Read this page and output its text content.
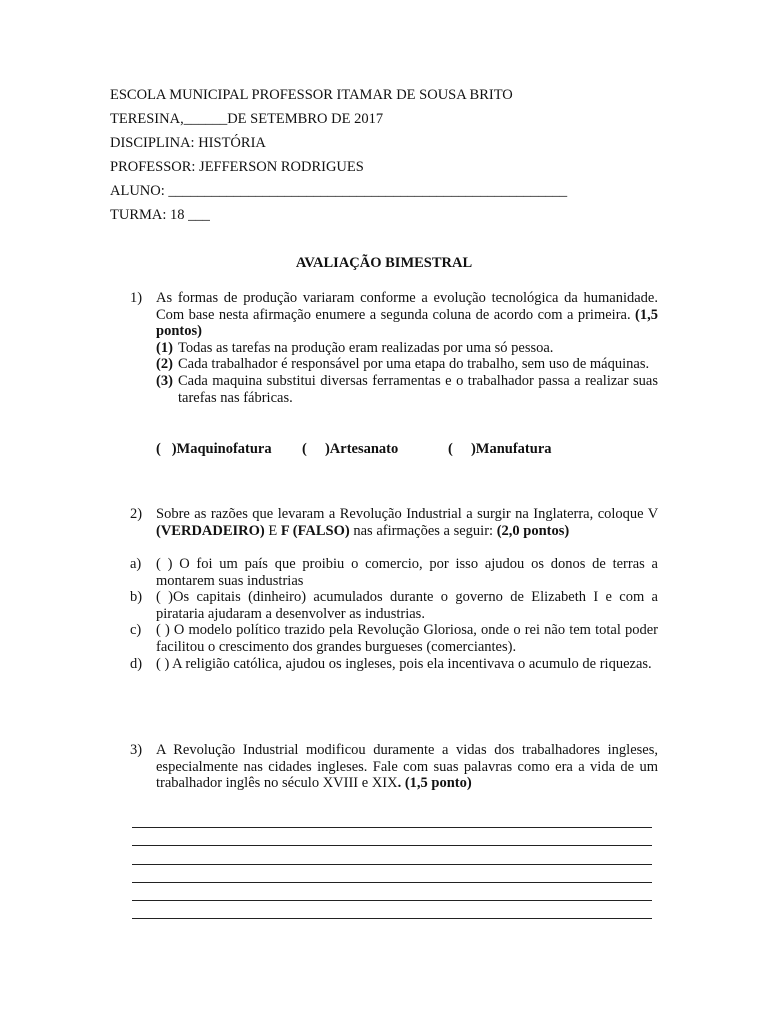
ESCOLA MUNICIPAL PROFESSOR ITAMAR DE SOUSA BRITO
TERESINA,______DE SETEMBRO DE 2017
DISCIPLINA: HISTÓRIA
PROFESSOR: JEFFERSON RODRIGUES
ALUNO: _______________________________________________________
TURMA: 18 ___
AVALIAÇÃO BIMESTRAL
1) As formas de produção variaram conforme a evolução tecnológica da humanidade. Com base nesta afirmação enumere a segunda coluna de acordo com a primeira. (1,5 pontos)
(1) Todas as tarefas na produção eram realizadas por uma só pessoa.
(2) Cada trabalhador é responsável por uma etapa do trabalho, sem uso de máquinas.
(3) Cada maquina substitui diversas ferramentas e o trabalhador passa a realizar suas tarefas nas fábricas.

(   )Maquinofatura

(     )Artesanato

	(     )Manufatura

2) Sobre as razões que levaram a Revolução Industrial a surgir na Inglaterra, coloque V (VERDADEIRO) E F (FALSO) nas afirmações a seguir: (2,0 pontos)
a) ( ) O foi um país que proibiu o comercio, por isso ajudou os donos de terras a montarem suas industrias
b) ( )Os capitais (dinheiro) acumulados durante o governo de Elizabeth I e com a pirataria ajudaram a desenvolver as industrias.
c) ( ) O modelo político trazido pela Revolução Gloriosa, onde o rei não tem total poder facilitou o crescimento dos grandes burgueses (comerciantes).
d) ( ) A religião católica, ajudou os ingleses, pois ela incentivava o acumulo de riquezas.
3) A Revolução Industrial modificou duramente a vidas dos trabalhadores ingleses, especialmente nas cidades ingleses. Fale com suas palavras como era a vida de um trabalhador inglês no século XVIII e XIX. (1,5 ponto)
